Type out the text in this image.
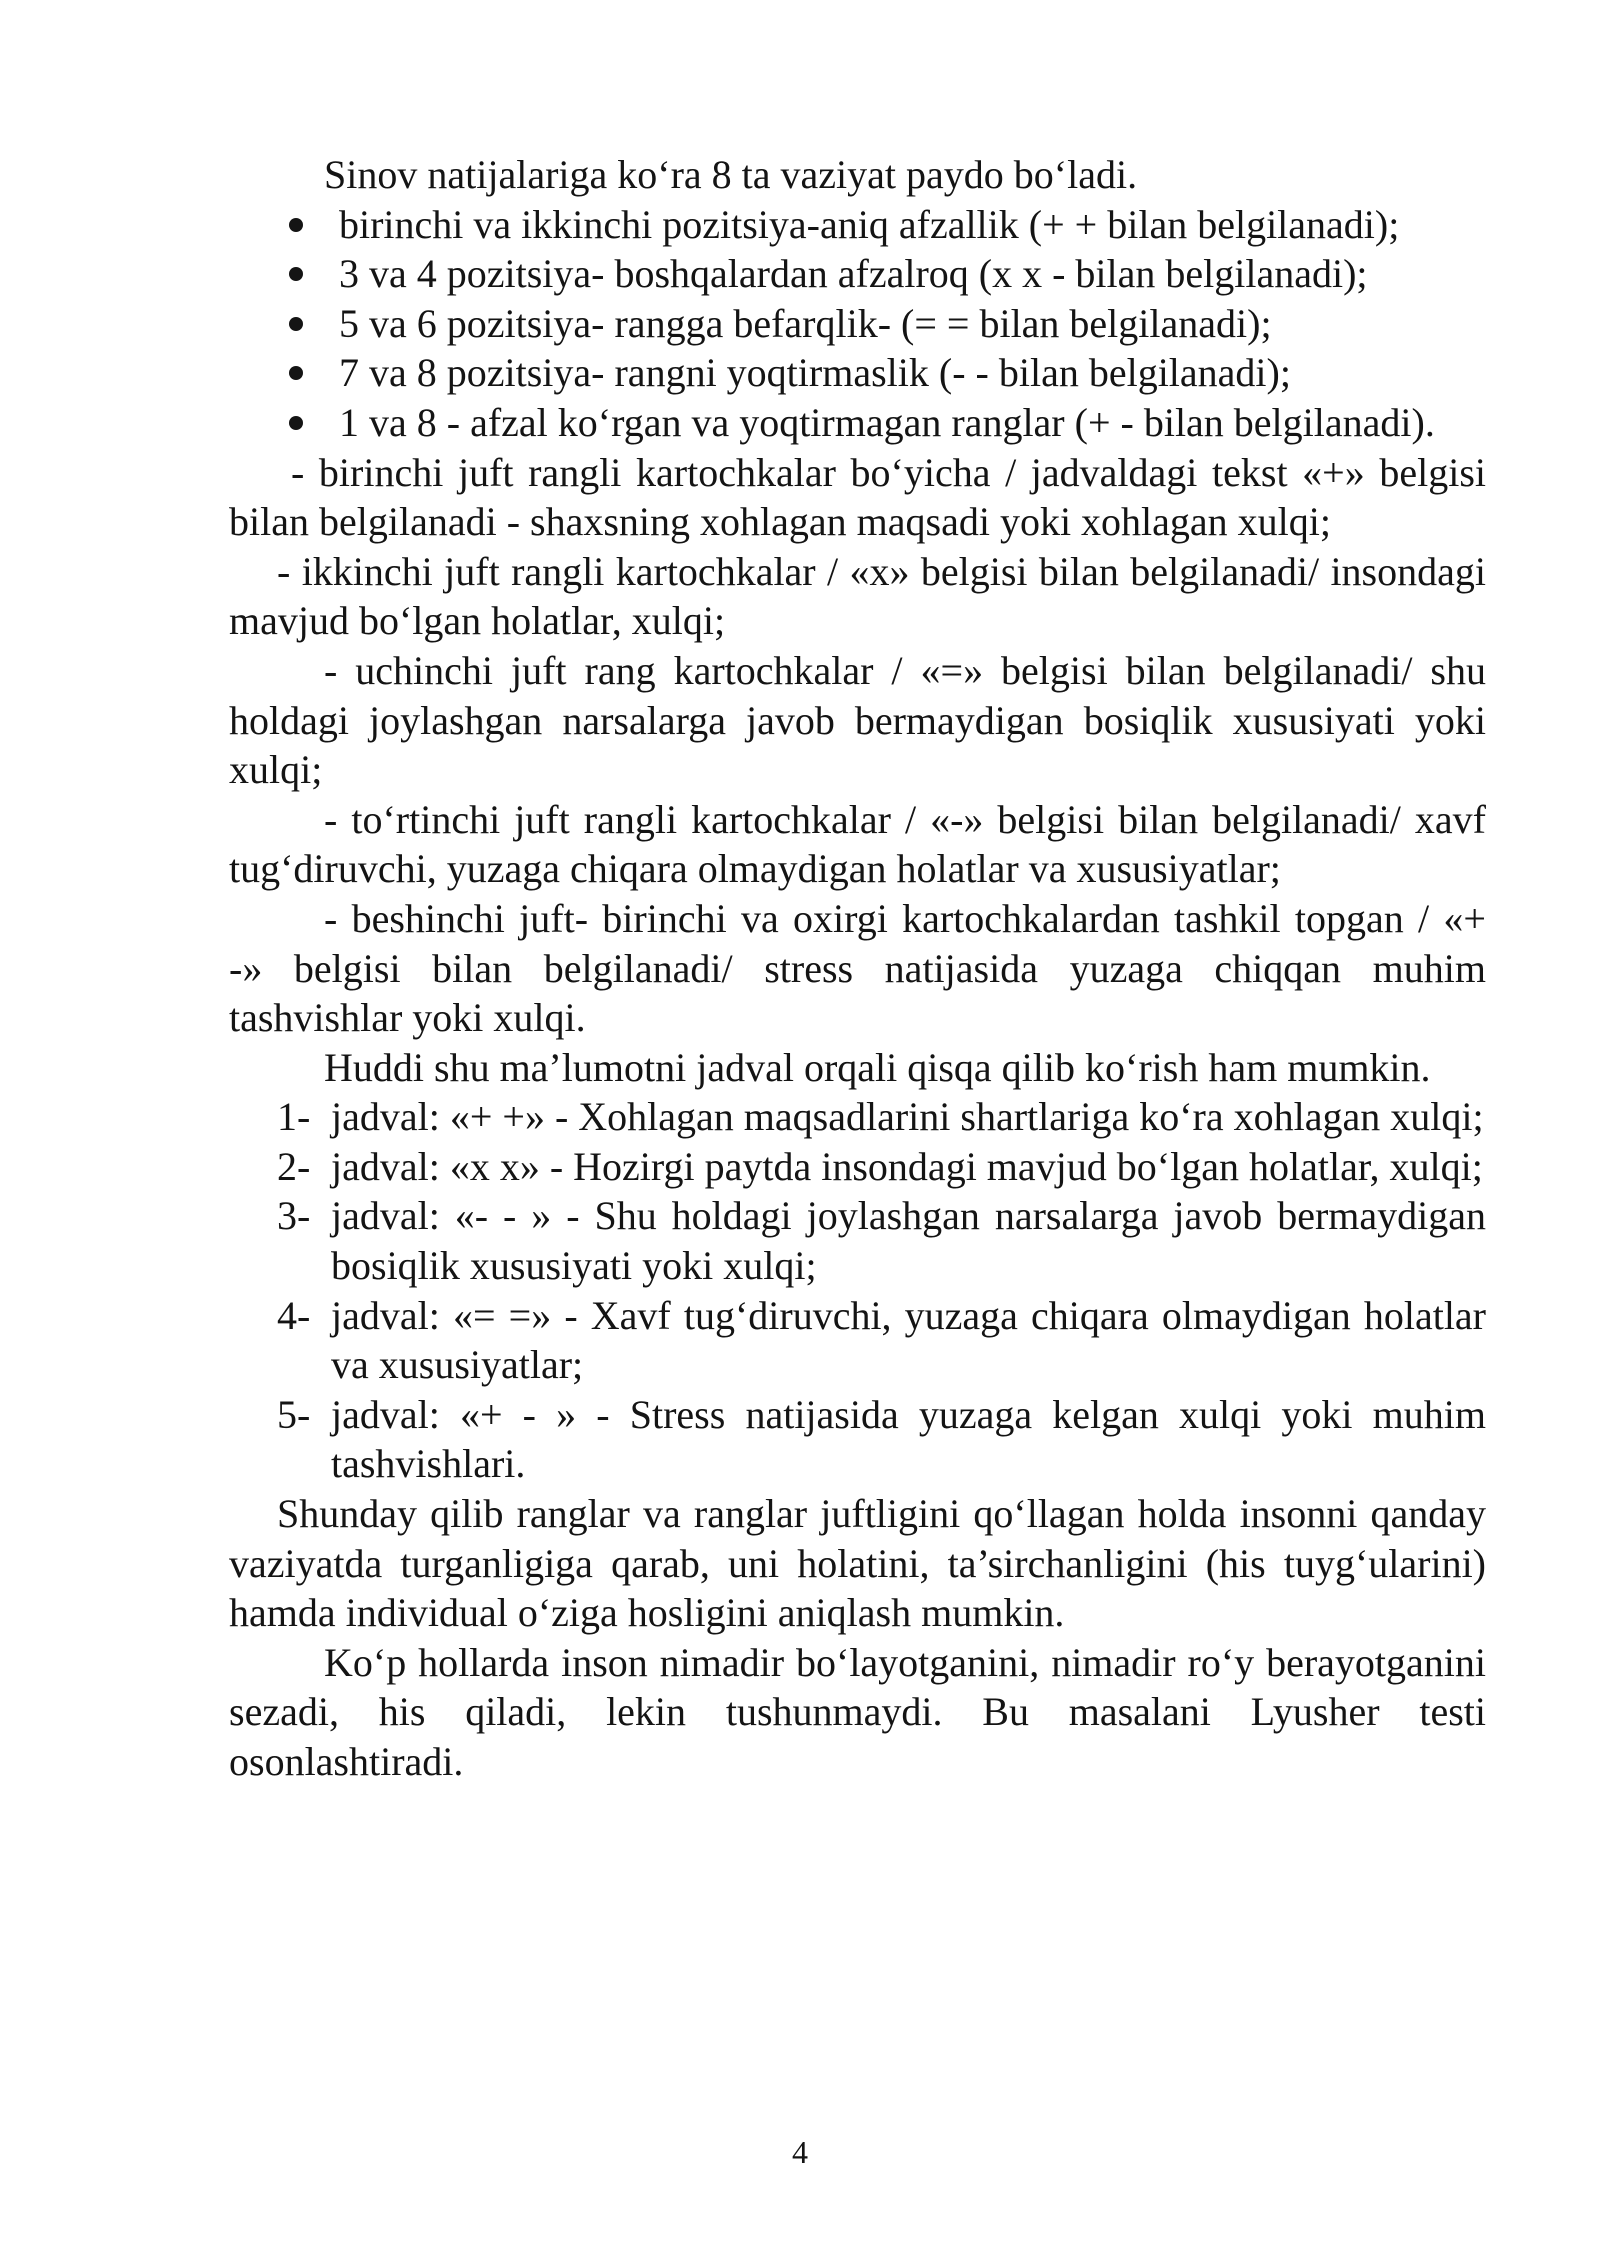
Sinov natijalariga ko‘ra 8 ta vaziyat paydo bo‘ladi.

birinchi va ikkinchi pozitsiya-aniq afzallik (+ + bilan belgilanadi);
3 va 4 pozitsiya- boshqalardan afzalroq (x x - bilan belgilanadi);
5 va 6 pozitsiya- rangga befarqlik- (= = bilan belgilanadi);
7 va 8 pozitsiya- rangni yoqtirmaslik (- - bilan belgilanadi);
1 va 8 - afzal ko‘rgan va yoqtirmagan ranglar (+ - bilan belgilanadi).

- birinchi juft rangli kartochkalar bo‘yicha / jadvaldagi tekst «+» belgisi bilan belgilanadi - shaxsning xohlagan maqsadi yoki xohlagan xulqi;

- ikkinchi juft rangli kartochkalar / «x» belgisi bilan belgilanadi/ insondagi mavjud bo‘lgan holatlar, xulqi;

- uchinchi juft rang kartochkalar / «=» belgisi bilan belgilanadi/ shu holdagi joylashgan narsalarga javob bermaydigan bosiqlik xususiyati yoki xulqi;

- to‘rtinchi juft rangli kartochkalar / «-» belgisi bilan belgilanadi/ xavf tug‘diruvchi, yuzaga chiqara olmaydigan holatlar va xususiyatlar;

- beshinchi juft- birinchi va oxirgi kartochkalardan tashkil topgan / «+ -» belgisi bilan belgilanadi/ stress natijasida yuzaga chiqqan muhim tashvishlar yoki xulqi.

Huddi shu ma’lumotni jadval orqali qisqa qilib ko‘rish ham mumkin.

1- jadval: «+ +» - Xohlagan maqsadlarini shartlariga ko‘ra xohlagan xulqi;
2- jadval: «x x» - Hozirgi paytda insondagi mavjud bo‘lgan holatlar, xulqi;
3- jadval: «- - » - Shu holdagi joylashgan narsalarga javob bermaydigan bosiqlik xususiyati yoki xulqi;
4- jadval: «= =» - Xavf tug‘diruvchi, yuzaga chiqara olmaydigan holatlar va xususiyatlar;
5- jadval: «+ - » - Stress natijasida yuzaga kelgan xulqi yoki muhim tashvishlari.

Shunday qilib ranglar va ranglar juftligini qo‘llagan holda insonni qanday vaziyatda turganligiga qarab, uni holatini, ta’sirchanligini (his tuyg‘ularini) hamda individual o‘ziga hosligini aniqlash mumkin.

Ko‘p hollarda inson nimadir bo‘layotganini, nimadir ro‘y berayotganini sezadi, his qiladi, lekin tushunmaydi. Bu masalani Lyusher testi osonlashtiradi.

4
